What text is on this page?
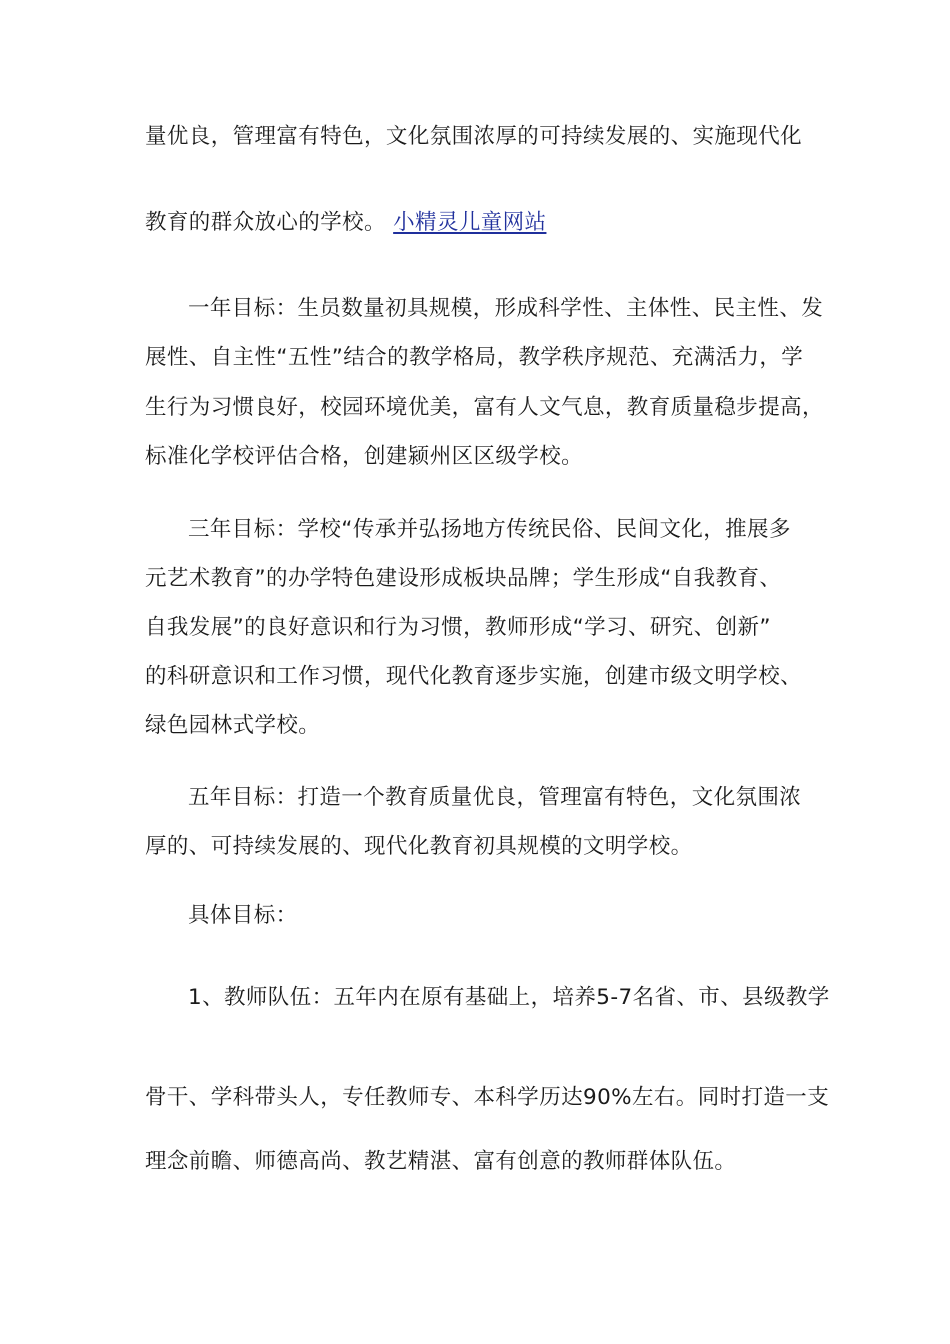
量优良，管理富有特色，文化氛围浓厚的可持续发展的、实施现代化
教育的群众放心的学校。 小精灵儿童网站
一年目标：生员数量初具规模，形成科学性、主体性、民主性、发
展性、自主性“五性”结合的教学格局，教学秩序规范、充满活力，学
生行为习惯良好，校园环境优美，富有人文气息，教育质量稳步提高，
标准化学校评估合格，创建颍州区区级学校。
三年目标：学校“传承并弘扬地方传统民俗、民间文化，推展多
元艺术教育”的办学特色建设形成板块品牌；学生形成“自我教育、
自我发展”的良好意识和行为习惯，教师形成“学习、研究、创新”
的科研意识和工作习惯，现代化教育逐步实施，创建市级文明学校、
绿色园林式学校。
五年目标：打造一个教育质量优良，管理富有特色，文化氛围浓
厚的、可持续发展的、现代化教育初具规模的文明学校。
具体目标：
1、教师队伍：五年内在原有基础上，培养5-7名省、市、县级教学
骨干、学科带头人，专任教师专、本科学历达90%左右。同时打造一支
理念前瞻、师德高尚、教艺精湛、富有创意的教师群体队伍。
